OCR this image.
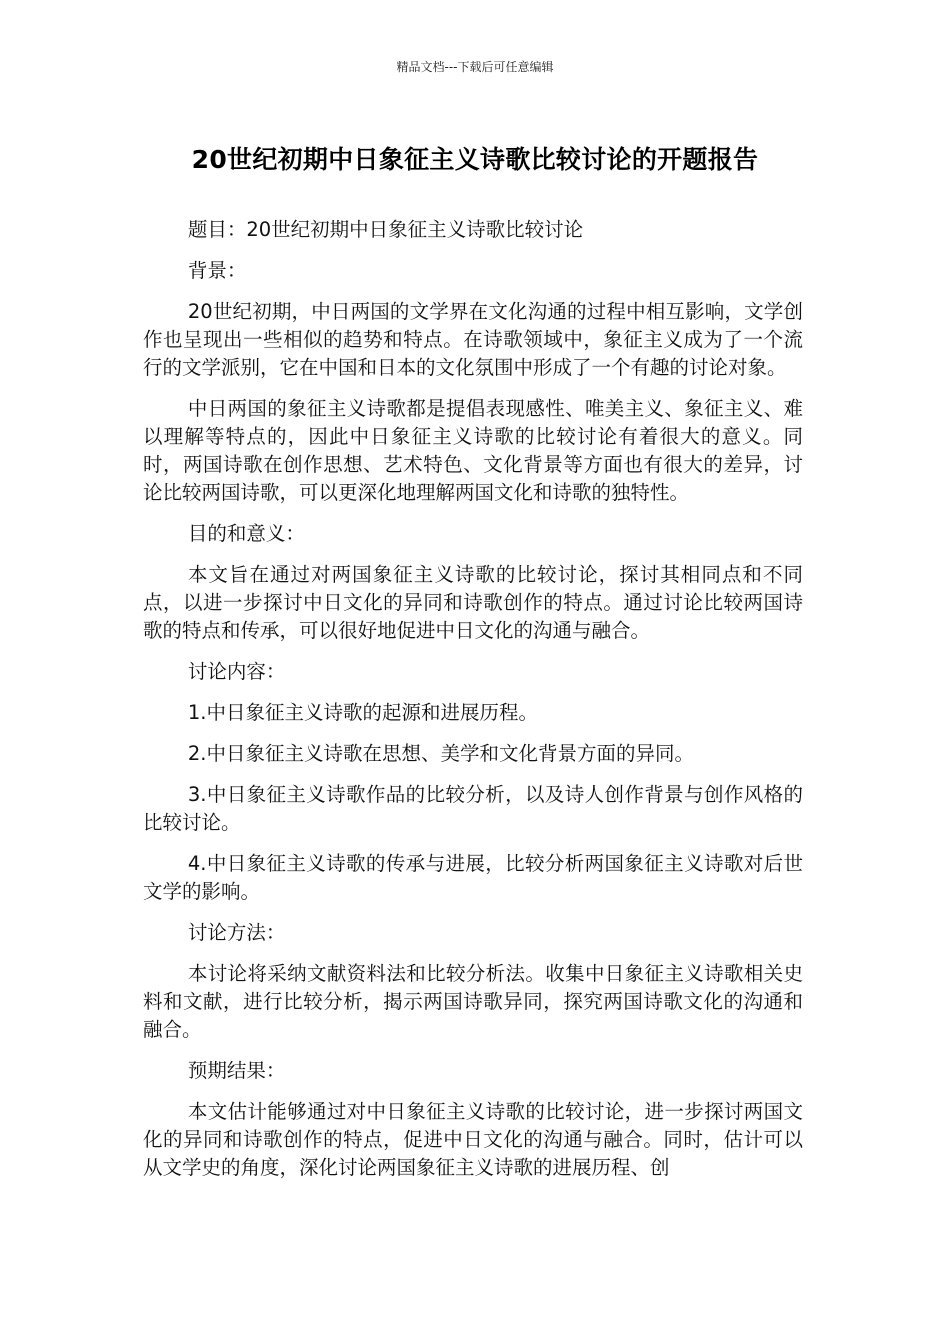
精品文档---下载后可任意编辑
20世纪初期中日象征主义诗歌比较讨论的开题报告

题目：20世纪初期中日象征主义诗歌比较讨论

背景：

20世纪初期，中日两国的文学界在文化沟通的过程中相互影响，文学创作也呈现出一些相似的趋势和特点。在诗歌领域中，象征主义成为了一个流行的文学派别，它在中国和日本的文化氛围中形成了一个有趣的讨论对象。

中日两国的象征主义诗歌都是提倡表现感性、唯美主义、象征主义、难以理解等特点的，因此中日象征主义诗歌的比较讨论有着很大的意义。同时，两国诗歌在创作思想、艺术特色、文化背景等方面也有很大的差异，讨论比较两国诗歌，可以更深化地理解两国文化和诗歌的独特性。

目的和意义：

本文旨在通过对两国象征主义诗歌的比较讨论，探讨其相同点和不同点，以进一步探讨中日文化的异同和诗歌创作的特点。通过讨论比较两国诗歌的特点和传承，可以很好地促进中日文化的沟通与融合。

讨论内容：

1.中日象征主义诗歌的起源和进展历程。

2.中日象征主义诗歌在思想、美学和文化背景方面的异同。

3.中日象征主义诗歌作品的比较分析，以及诗人创作背景与创作风格的比较讨论。

4.中日象征主义诗歌的传承与进展，比较分析两国象征主义诗歌对后世文学的影响。

讨论方法：

本讨论将采纳文献资料法和比较分析法。收集中日象征主义诗歌相关史料和文献，进行比较分析，揭示两国诗歌异同，探究两国诗歌文化的沟通和融合。

预期结果：

本文估计能够通过对中日象征主义诗歌的比较讨论，进一步探讨两国文化的异同和诗歌创作的特点，促进中日文化的沟通与融合。同时，估计可以从文学史的角度，深化讨论两国象征主义诗歌的进展历程、创
